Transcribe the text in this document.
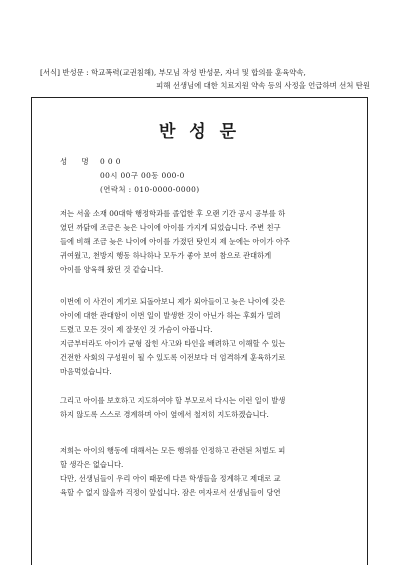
[서식] 반성문 : 학교폭력(교권침해), 부모님 작성 반성문, 자녀 및 합의를 훈육약속,
피해 선생님에 대한 치료지원 약속 등의 사정을 언급하며 선처 탄원
반 성 문
성 명 0 0 0
00시 00구 00동 000-0
(연락처 : 010-0000-0000)

저는 서울 소재 00대학 행정학과를 졸업한 후 오랜 기간 공시 공부를 하
였던 까닭에 조금은 늦은 나이에 아이를 가지게 되었습니다. 주변 친구
들에 비해 조금 늦은 나이에 아이를 가졌던 탓인지 제 눈에는 아이가 아주
귀여웠고, 천방지 행동 하나하나 모두가 좋아 보여 참으로 관대하게
아이를 양육해 왔던 것 같습니다.

이번에 이 사건이 계기로 되돌아보니 제가 외아들이고 늦은 나이에 갖은
아이에 대한 관대함이 이번 일이 발생한 것이 아닌가 하는 후회가 밀려
드렸고 모든 것이 제 잘못인 것 가슴이 아픕니다.
지금부터라도 아이가 균형 잡힌 사고와 타인을 배려하고 이해할 수 있는
건전한 사회의 구성원이 될 수 있도록 이전보다 더 엄격하게 훈육하기로
마음먹었습니다.

그리고 아이를 보호하고 지도하여야 할 부모로서 다시는 이런 일이 발생
하지 않도록 스스로 경계하며 아이 옆에서 철저히 지도하겠습니다.

저희는 아이의 행동에 대해서는 모든 행위를 인정하고 관련된 처벌도 피
할 생각은 없습니다.
다만, 선생님들이 우리 아이 때문에 다른 학생들을 정계하고 제대로 교
육할 수 없지 않을까 걱정이 앞섭니다. 잠은 여자로서 선생님들이 당연
